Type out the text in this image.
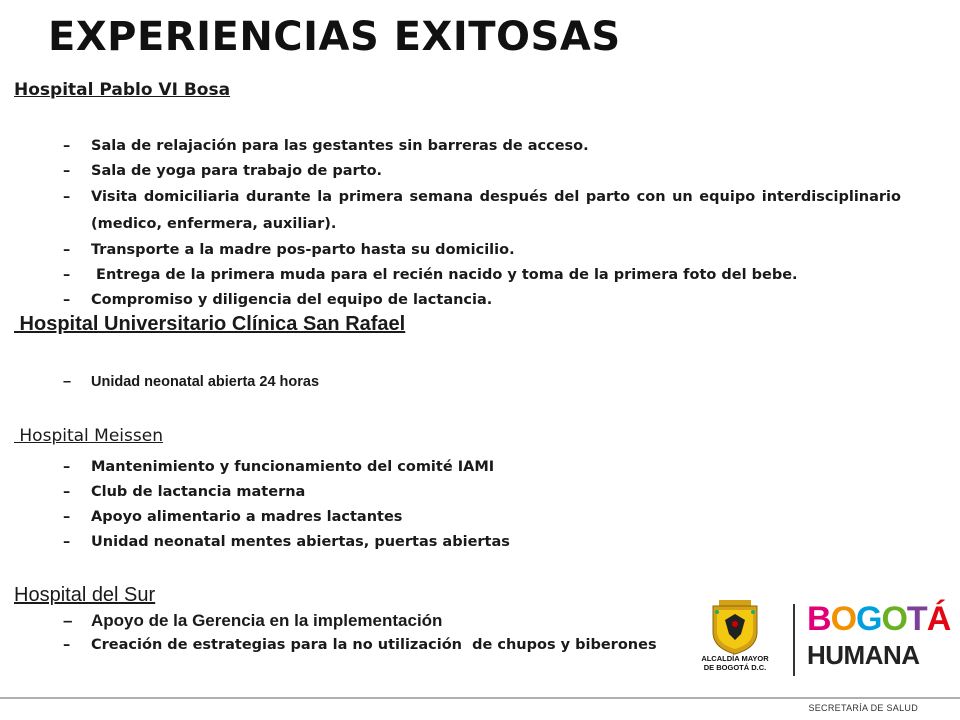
EXPERIENCIAS EXITOSAS
Hospital Pablo VI Bosa
– Sala de relajación para las gestantes sin barreras de acceso.
– Sala de yoga para trabajo de parto.
– Visita domiciliaria durante la primera semana después del parto con un equipo interdisciplinario (medico, enfermera, auxiliar).
– Transporte a la madre pos-parto hasta su domicilio.
– Entrega de la primera muda para el recién nacido y toma de la primera foto del bebe.
– Compromiso y diligencia del equipo de lactancia.
Hospital Universitario Clínica San Rafael
– Unidad neonatal abierta 24 horas
Hospital Meissen
– Mantenimiento y funcionamiento del comité IAMI
– Club de lactancia materna
– Apoyo alimentario a madres lactantes
– Unidad neonatal mentes abiertas, puertas abiertas
Hospital del Sur
– Apoyo de la Gerencia en la implementación
– Creación de estrategias para la no utilización  de chupos y biberones
ALCALDÍA MAYOR
DE BOGOTÁ D.C.
BOGOTÁ
HUMANA
SECRETARÍA DE SALUD
